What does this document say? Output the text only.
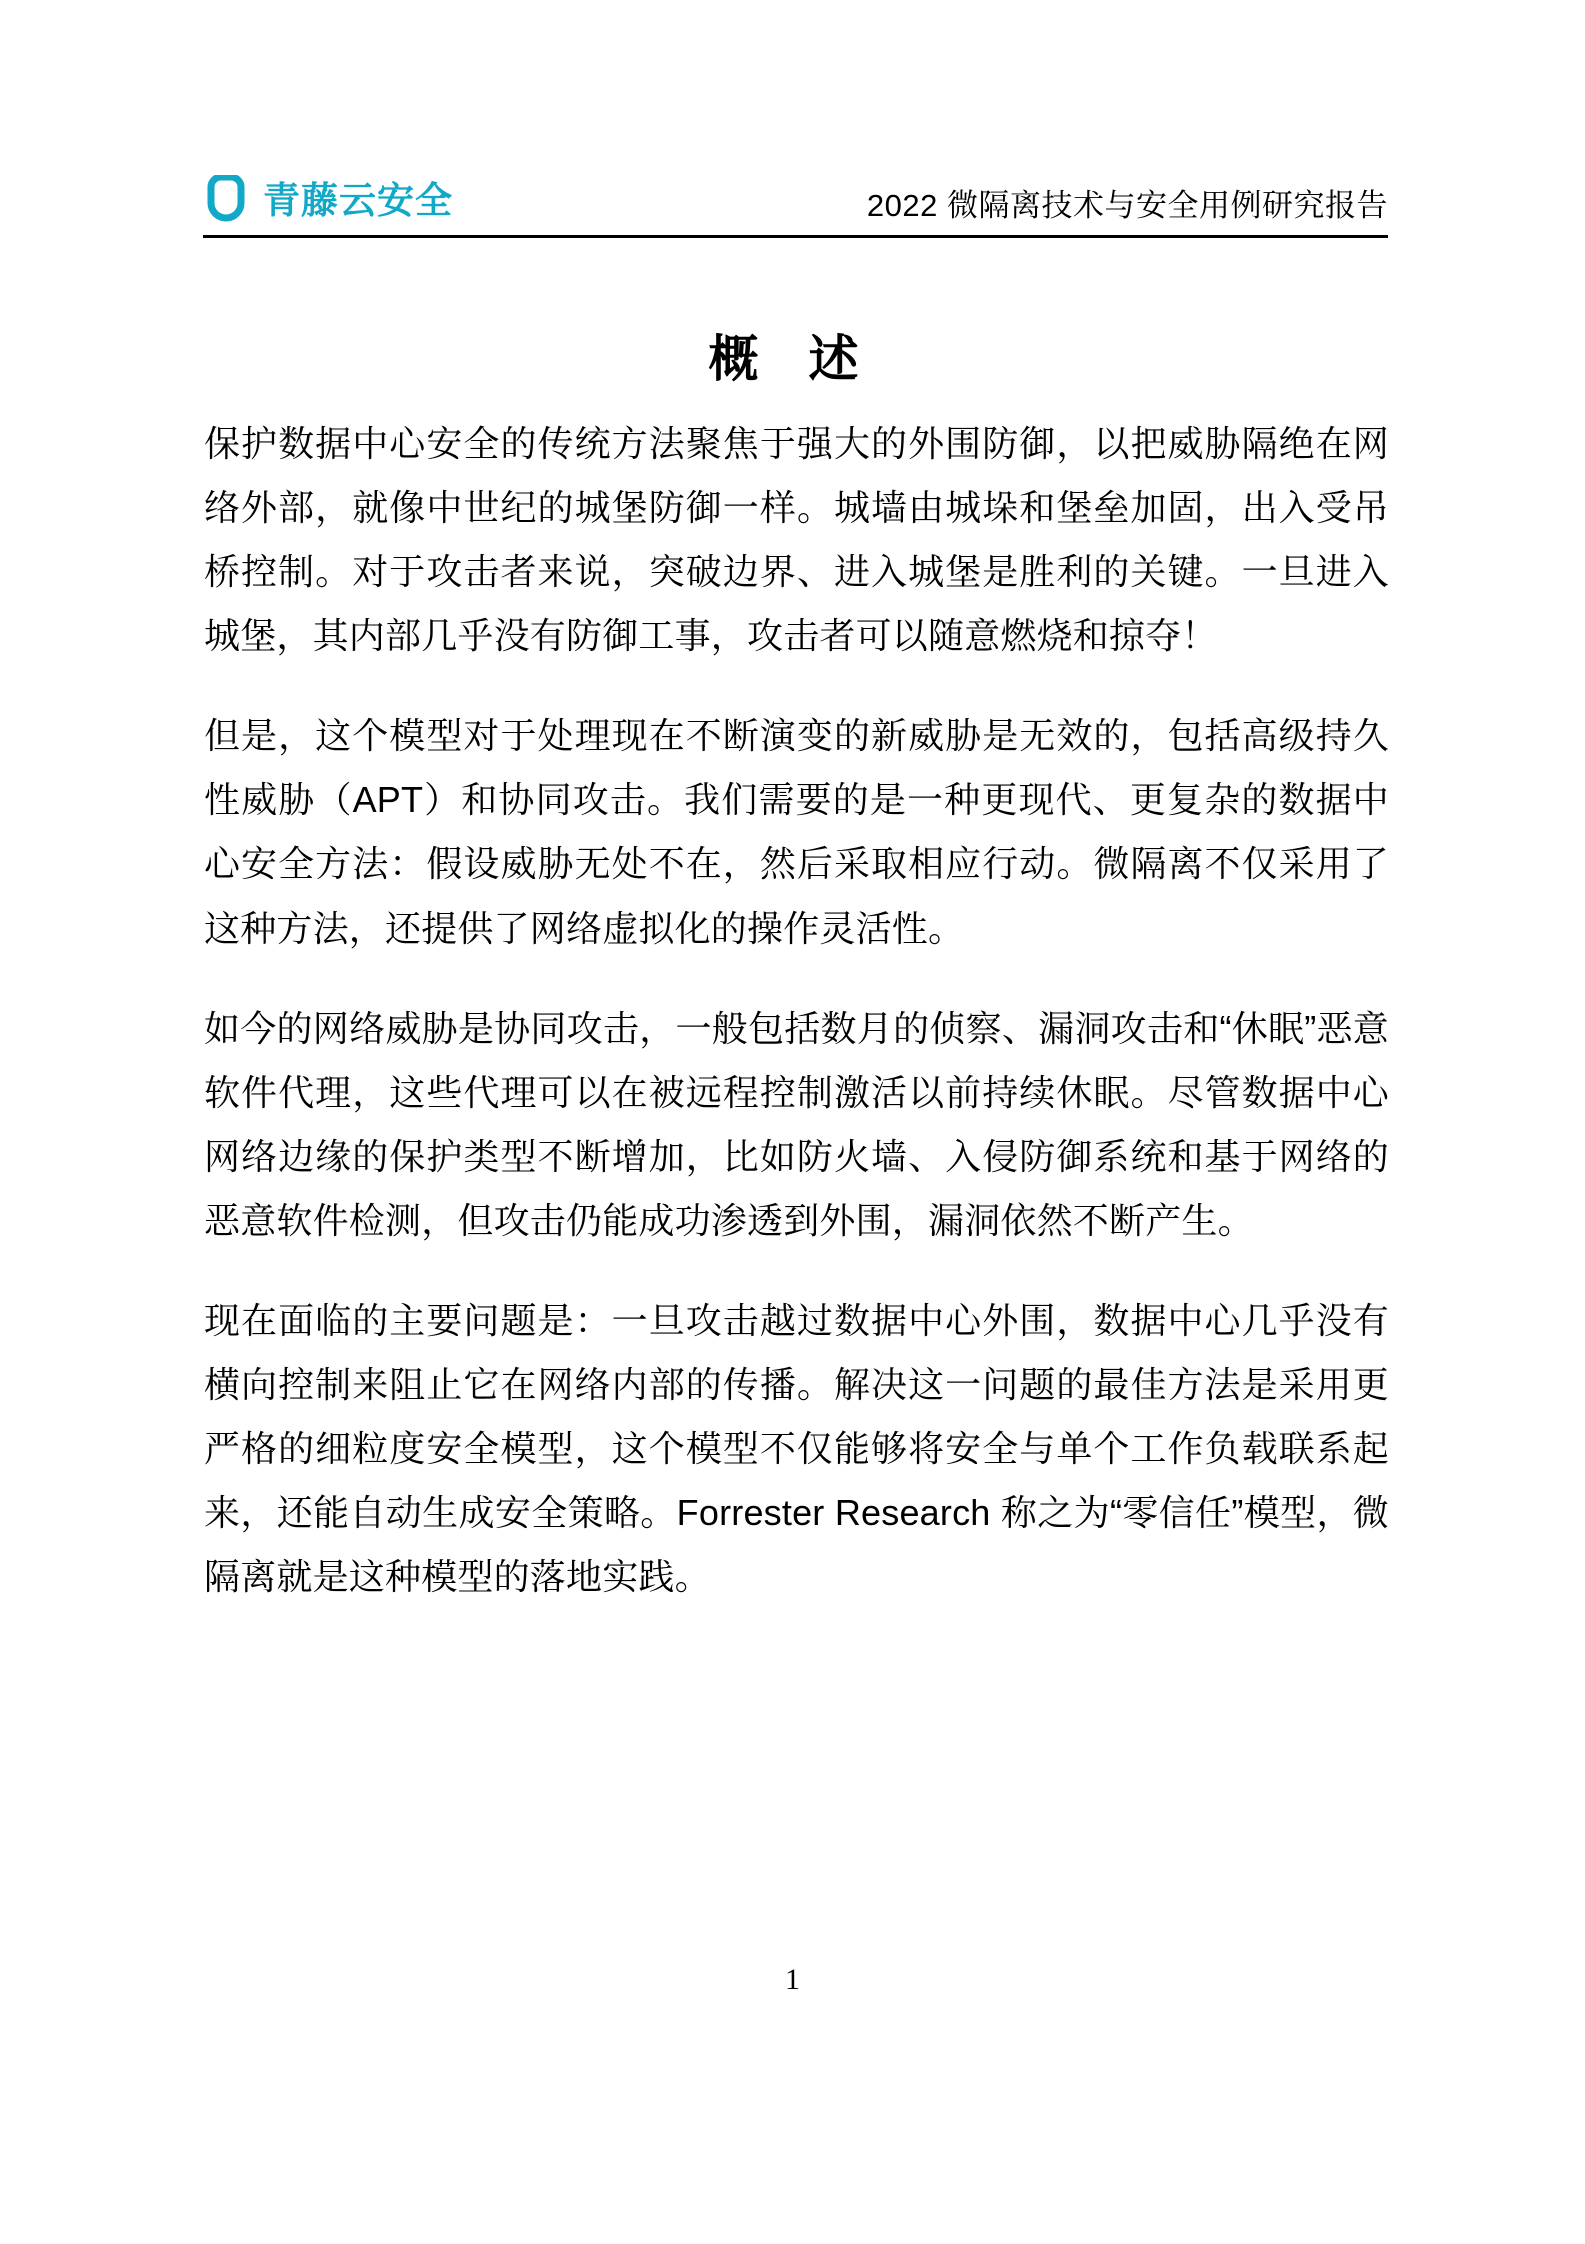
青藤云安全	2022 微隔离技术与安全用例研究报告
概 述

保护数据中心安全的传统方法聚焦于强大的外围防御，以把威胁隔绝在网络外部，就像中世纪的城堡防御一样。城墙由城垛和堡垒加固，出入受吊桥控制。对于攻击者来说，突破边界、进入城堡是胜利的关键。一旦进入城堡，其内部几乎没有防御工事，攻击者可以随意燃烧和掠夺！

但是，这个模型对于处理现在不断演变的新威胁是无效的，包括高级持久性威胁（APT）和协同攻击。我们需要的是一种更现代、更复杂的数据中心安全方法：假设威胁无处不在，然后采取相应行动。微隔离不仅采用了这种方法，还提供了网络虚拟化的操作灵活性。

如今的网络威胁是协同攻击，一般包括数月的侦察、漏洞攻击和“休眠”恶意软件代理，这些代理可以在被远程控制激活以前持续休眠。尽管数据中心网络边缘的保护类型不断增加，比如防火墙、入侵防御系统和基于网络的恶意软件检测，但攻击仍能成功渗透到外围，漏洞依然不断产生。

现在面临的主要问题是：一旦攻击越过数据中心外围，数据中心几乎没有横向控制来阻止它在网络内部的传播。解决这一问题的最佳方法是采用更严格的细粒度安全模型，这个模型不仅能够将安全与单个工作负载联系起来，还能自动生成安全策略。Forrester Research 称之为“零信任”模型，微隔离就是这种模型的落地实践。

1
